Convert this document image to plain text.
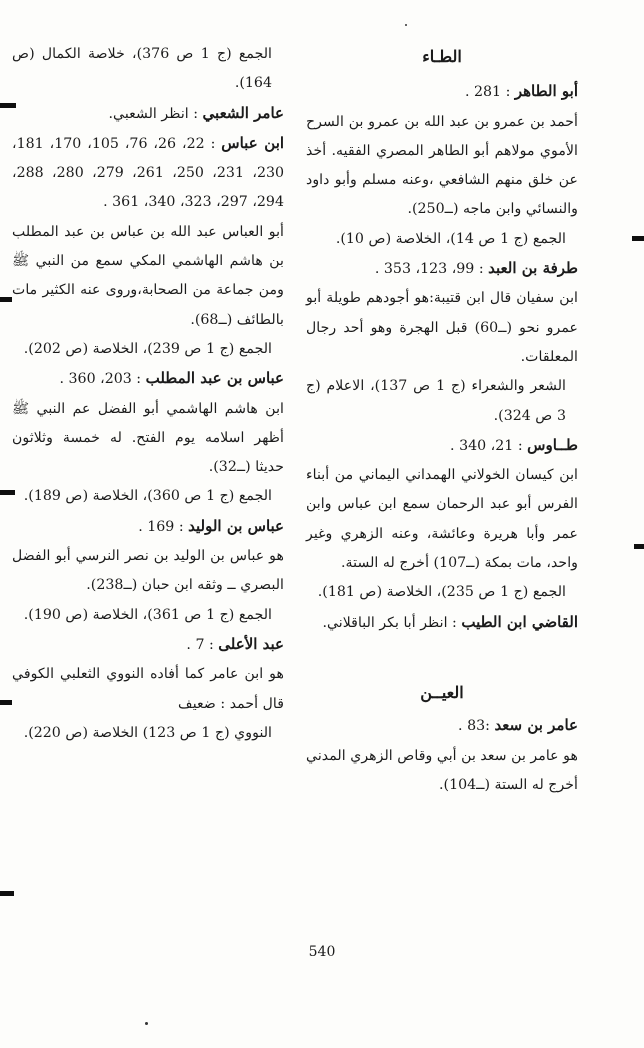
الطـاء

أبو الطاهر : 281 .

أحمد بن عمرو بن عبد الله بن عمرو بن السرح الأموي مولاهم أبو الطاهر المصري الفقيه. أخذ عن خلق منهم الشافعي ،وعنه مسلم وأبو داود والنسائي وابن ماجه (ــ250).

الجمع (ج 1 ص 14)، الخلاصة (ص 10).

طرفة بن العبد : 99، 123، 353 .

ابن سفيان قال ابن قتيبة:هو أجودهم طويلة أبو عمرو نحو (ــ60) قبل الهجرة وهو أحد رجال المعلقات.

الشعر والشعراء (ج 1 ص 137)، الاعلام (ج 3 ص 324).

طــاوس : 21، 340 .

ابن كيسان الخولاني الهمداني اليماني من أبناء الفرس أبو عبد الرحمان سمع ابن عباس وابن عمر وأبا هريرة وعائشة، وعنه الزهري وغير واحد، مات بمكة (ــ107) أخرج له الستة.

الجمع (ج 1 ص 235)، الخلاصة (ص 181).

القاضي ابن الطيب : انظر أبا بكر الباقلاني.

العيــن

عامر بن سعد :83 .

هو عامر بن سعد بن أبي وقاص الزهري المدني أخرج له الستة (ــ104).

الجمع (ج 1 ص 376)، خلاصة الكمال (ص 164).

عامر الشعبي : انظر الشعبي.

ابن عباس : 22، 26، 76، 105، 170، 181، 230، 231، 250، 261، 279، 280، 288، 294، 297، 323، 340، 361 .

أبو العباس عبد الله بن عباس بن عبد المطلب بن هاشم الهاشمي المكي سمع من النبي ﷺ ومن جماعة من الصحابة،وروى عنه الكثير مات بالطائف (ــ68).

الجمع (ج 1 ص 239)، الخلاصة (ص 202).

عباس بن عبد المطلب : 203، 360 .

ابن هاشم الهاشمي أبو الفضل عم النبي ﷺ أظهر اسلامه يوم الفتح. له خمسة وثلاثون حديثا (ــ32).

الجمع (ج 1 ص 360)، الخلاصة (ص 189).

عباس بن الوليد : 169 .

هو عباس بن الوليد بن نصر النرسي أبو الفضل البصري ــ وثقه ابن حبان (ــ238).

الجمع (ج 1 ص 361)، الخلاصة (ص 190).

عبد الأعلى : 7 .

هو ابن عامر كما أفاده النووي الثعلبي الكوفي قال أحمد : ضعيف

النووي (ج 1 ص 123) الخلاصة (ص 220).

540
